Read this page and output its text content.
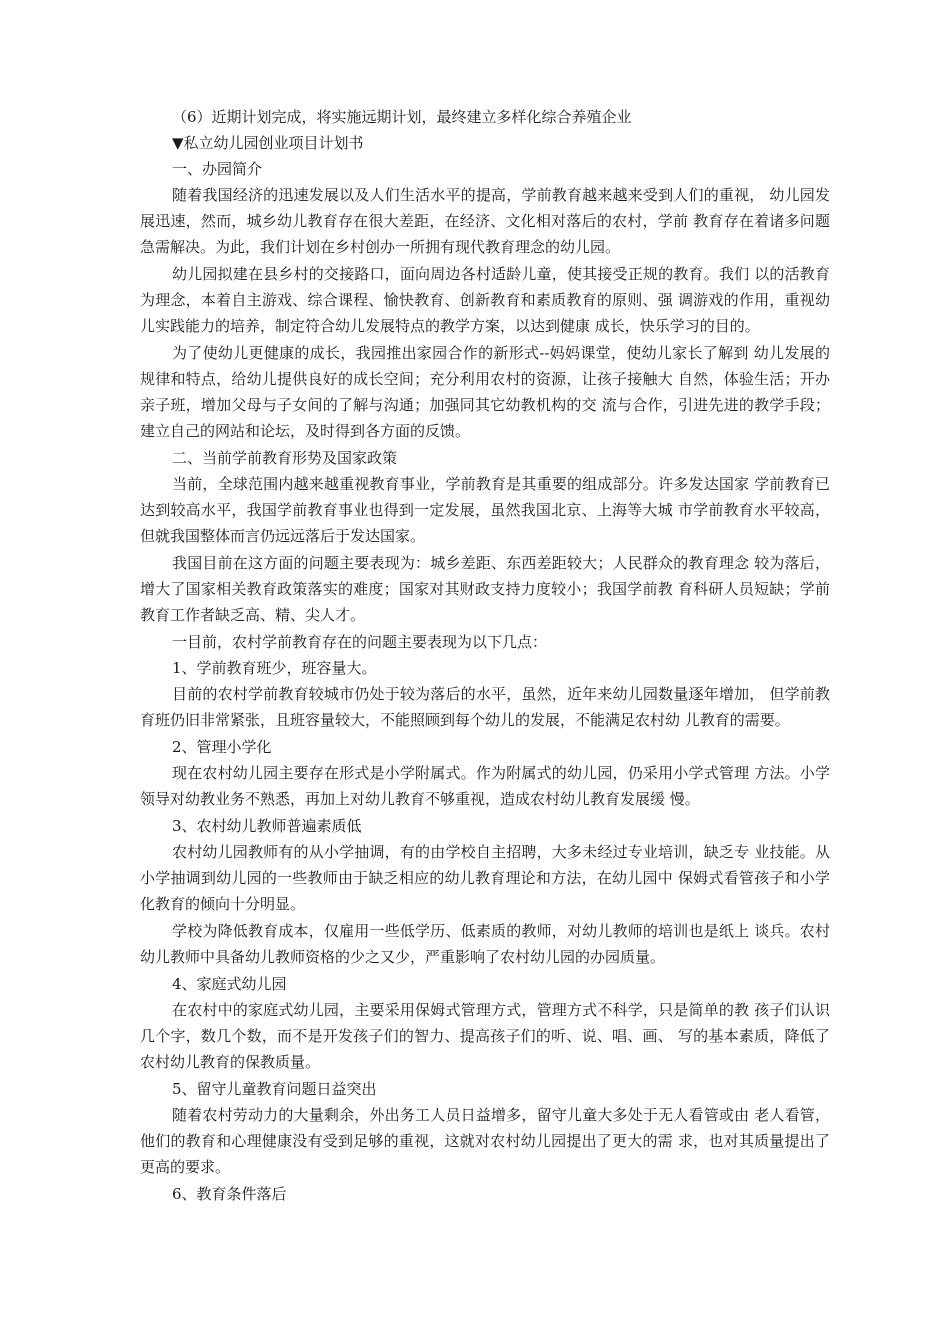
（6）近期计划完成，将实施远期计划，最终建立多样化综合养殖企业

▼私立幼儿园创业项目计划书

一、办园简介

随着我国经济的迅速发展以及人们生活水平的提高，学前教育越来越来受到人们的重视， 幼儿园发展迅速，然而，城乡幼儿教育存在很大差距，在经济、文化相对落后的农村，学前 教育存在着诸多问题急需解决。为此，我们计划在乡村创办一所拥有现代教育理念的幼儿园。

幼儿园拟建在县乡村的交接路口，面向周边各村适龄儿童，使其接受正规的教育。我们 以的活教育为理念，本着自主游戏、综合课程、愉快教育、创新教育和素质教育的原则、强 调游戏的作用，重视幼儿实践能力的培养，制定符合幼儿发展特点的教学方案，以达到健康 成长，快乐学习的目的。

为了使幼儿更健康的成长，我园推出家园合作的新形式--妈妈课堂，使幼儿家长了解到 幼儿发展的规律和特点，给幼儿提供良好的成长空间；充分利用农村的资源，让孩子接触大 自然，体验生活；开办亲子班，增加父母与子女间的了解与沟通；加强同其它幼教机构的交 流与合作，引进先进的教学手段；建立自己的网站和论坛，及时得到各方面的反馈。

二、当前学前教育形势及国家政策

当前，全球范围内越来越重视教育事业，学前教育是其重要的组成部分。许多发达国家 学前教育已达到较高水平，我国学前教育事业也得到一定发展，虽然我国北京、上海等大城 市学前教育水平较高，但就我国整体而言仍远远落后于发达国家。

我国目前在这方面的问题主要表现为：城乡差距、东西差距较大；人民群众的教育理念 较为落后，增大了国家相关教育政策落实的难度；国家对其财政支持力度较小；我国学前教 育科研人员短缺；学前教育工作者缺乏高、精、尖人才。

一目前，农村学前教育存在的问题主要表现为以下几点：

1、学前教育班少，班容量大。

目前的农村学前教育较城市仍处于较为落后的水平，虽然，近年来幼儿园数量逐年增加， 但学前教育班仍旧非常紧张，且班容量较大，不能照顾到每个幼儿的发展，不能满足农村幼 儿教育的需要。

2、管理小学化

现在农村幼儿园主要存在形式是小学附属式。作为附属式的幼儿园，仍采用小学式管理 方法。小学领导对幼教业务不熟悉，再加上对幼儿教育不够重视，造成农村幼儿教育发展缓 慢。

3、农村幼儿教师普遍素质低

农村幼儿园教师有的从小学抽调，有的由学校自主招聘，大多未经过专业培训，缺乏专 业技能。从小学抽调到幼儿园的一些教师由于缺乏相应的幼儿教育理论和方法，在幼儿园中 保姆式看管孩子和小学化教育的倾向十分明显。

学校为降低教育成本，仅雇用一些低学历、低素质的教师，对幼儿教师的培训也是纸上 谈兵。农村幼儿教师中具备幼儿教师资格的少之又少，严重影响了农村幼儿园的办园质量。

4、家庭式幼儿园

在农村中的家庭式幼儿园，主要采用保姆式管理方式，管理方式不科学，只是简单的教 孩子们认识几个字，数几个数，而不是开发孩子们的智力、提高孩子们的听、说、唱、画、 写的基本素质，降低了农村幼儿教育的保教质量。

5、留守儿童教育问题日益突出

随着农村劳动力的大量剩余，外出务工人员日益增多，留守儿童大多处于无人看管或由 老人看管，他们的教育和心理健康没有受到足够的重视，这就对农村幼儿园提出了更大的需 求，也对其质量提出了更高的要求。

6、教育条件落后
